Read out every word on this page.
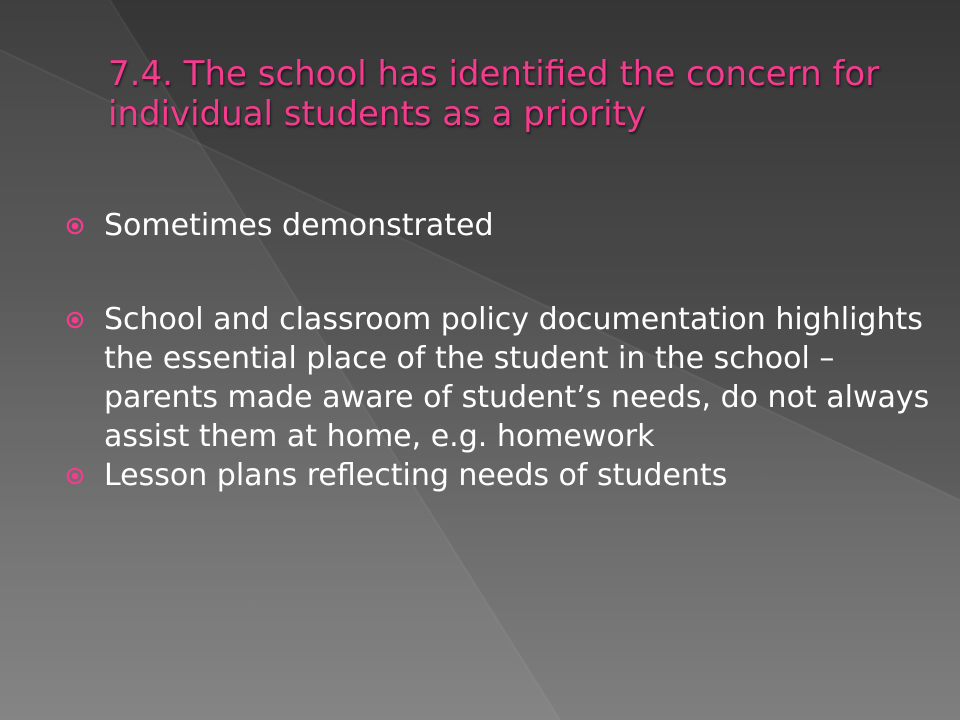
7.4. The school has identified the concern for individual students as a priority
Sometimes demonstrated
School and classroom policy documentation highlights the essential place of the student in the school – parents made aware of student’s needs, do not always assist them at home, e.g. homework
Lesson plans reflecting needs of students
